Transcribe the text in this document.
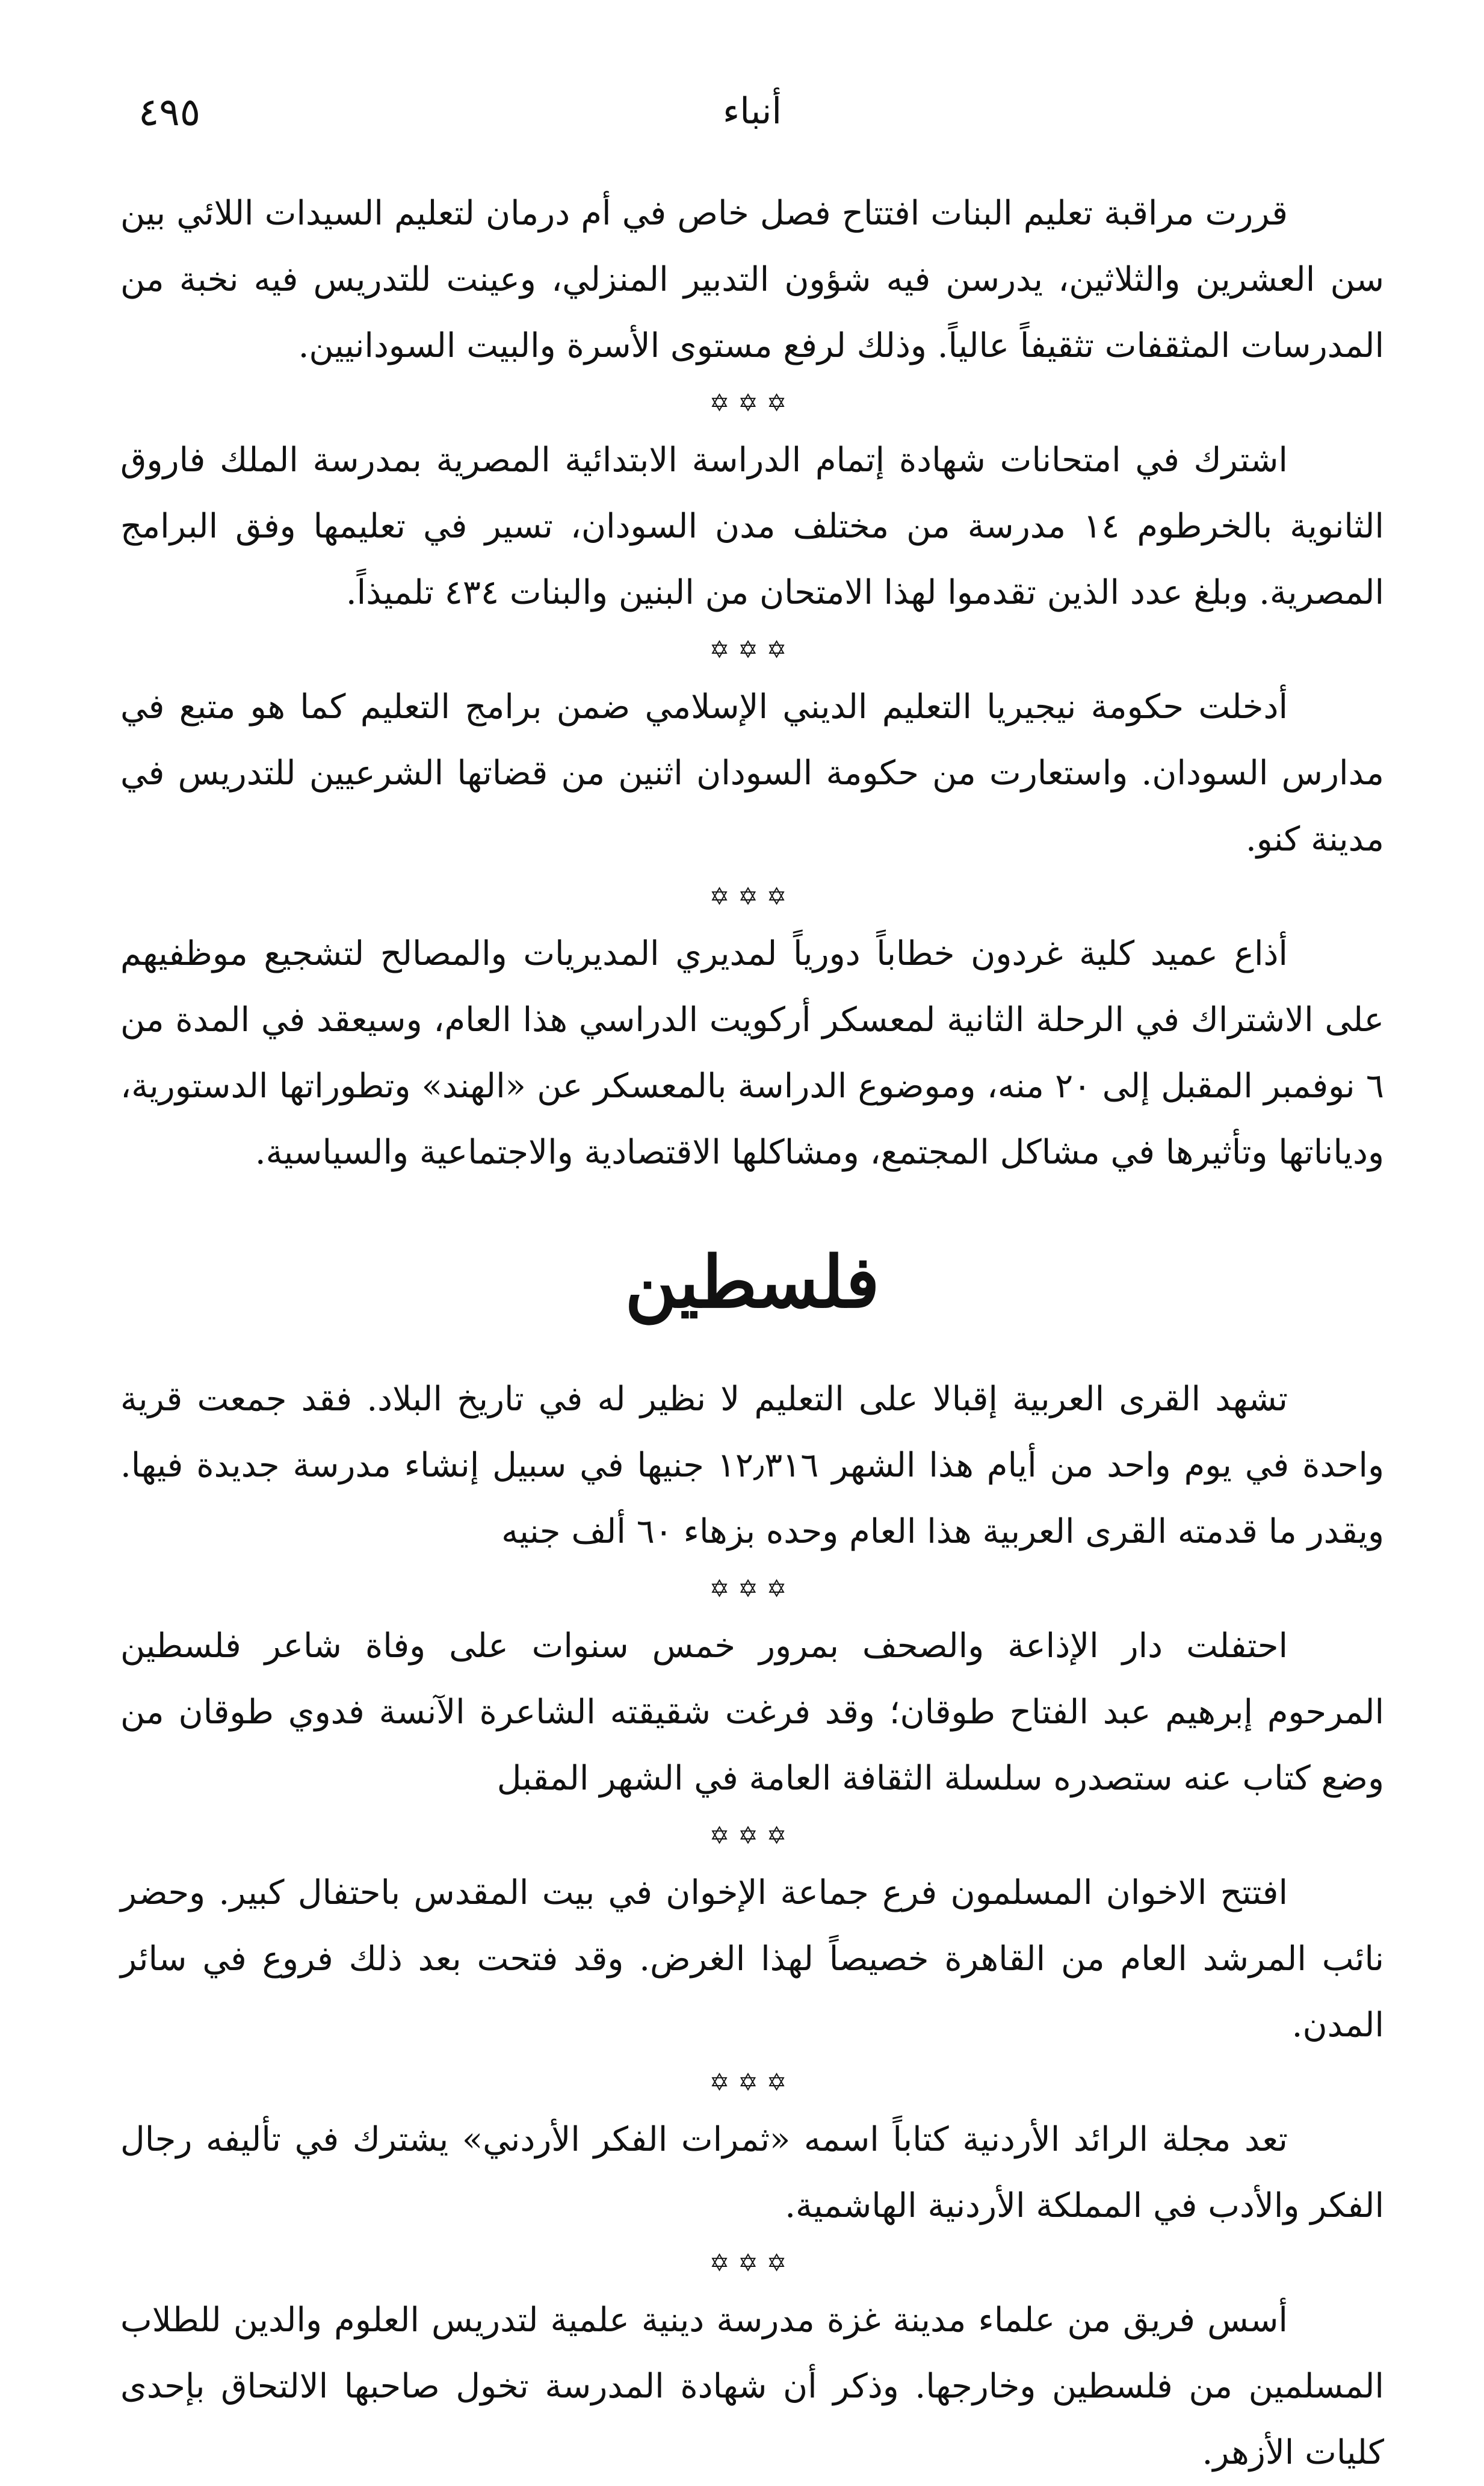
٤٩٥	أنباء

قررت مراقبة تعليم البنات افتتاح فصل خاص في أم درمان لتعليم السيدات اللائي بين سن العشرين والثلاثين، يدرسن فيه شؤون التدبير المنزلي، وعينت للتدريس فيه نخبة من المدرسات المثقفات تثقيفاً عالياً. وذلك لرفع مستوى الأسرة والبيت السودانيين.

✡✡✡

اشترك في امتحانات شهادة إتمام الدراسة الابتدائية المصرية بمدرسة الملك فاروق الثانوية بالخرطوم ١٤ مدرسة من مختلف مدن السودان، تسير في تعليمها وفق البرامج المصرية. وبلغ عدد الذين تقدموا لهذا الامتحان من البنين والبنات ٤٣٤ تلميذاً.

✡✡✡

أدخلت حكومة نيجيريا التعليم الديني الإسلامي ضمن برامج التعليم كما هو متبع في مدارس السودان. واستعارت من حكومة السودان اثنين من قضاتها الشرعيين للتدريس في مدينة كنو.

✡✡✡

أذاع عميد كلية غردون خطاباً دورياً لمديري المديريات والمصالح لتشجيع موظفيهم على الاشتراك في الرحلة الثانية لمعسكر أركويت الدراسي هذا العام، وسيعقد في المدة من ٦ نوفمبر المقبل إلى ٢٠ منه، وموضوع الدراسة بالمعسكر عن «الهند» وتطوراتها الدستورية، ودياناتها وتأثيرها في مشاكل المجتمع، ومشاكلها الاقتصادية والاجتماعية والسياسية.

فلسطين

تشهد القرى العربية إقبالا على التعليم لا نظير له في تاريخ البلاد. فقد جمعت قرية واحدة في يوم واحد من أيام هذا الشهر ١٢٫٣١٦ جنيها في سبيل إنشاء مدرسة جديدة فيها. ويقدر ما قدمته القرى العربية هذا العام وحده بزهاء ٦٠ ألف جنيه

✡✡✡

احتفلت دار الإذاعة والصحف بمرور خمس سنوات على وفاة شاعر فلسطين المرحوم إبرهيم عبد الفتاح طوقان؛ وقد فرغت شقيقته الشاعرة الآنسة فدوي طوقان من وضع كتاب عنه ستصدره سلسلة الثقافة العامة في الشهر المقبل

✡✡✡

افتتح الاخوان المسلمون فرع جماعة الإخوان في بيت المقدس باحتفال كبير. وحضر نائب المرشد العام من القاهرة خصيصاً لهذا الغرض. وقد فتحت بعد ذلك فروع في سائر المدن.

✡✡✡

تعد مجلة الرائد الأردنية كتاباً اسمه «ثمرات الفكر الأردني» يشترك في تأليفه رجال الفكر والأدب في المملكة الأردنية الهاشمية.

✡✡✡

أسس فريق من علماء مدينة غزة مدرسة دينية علمية لتدريس العلوم والدين للطلاب المسلمين من فلسطين وخارجها. وذكر أن شهادة المدرسة تخول صاحبها الالتحاق بإحدى كليات الأزهر.
